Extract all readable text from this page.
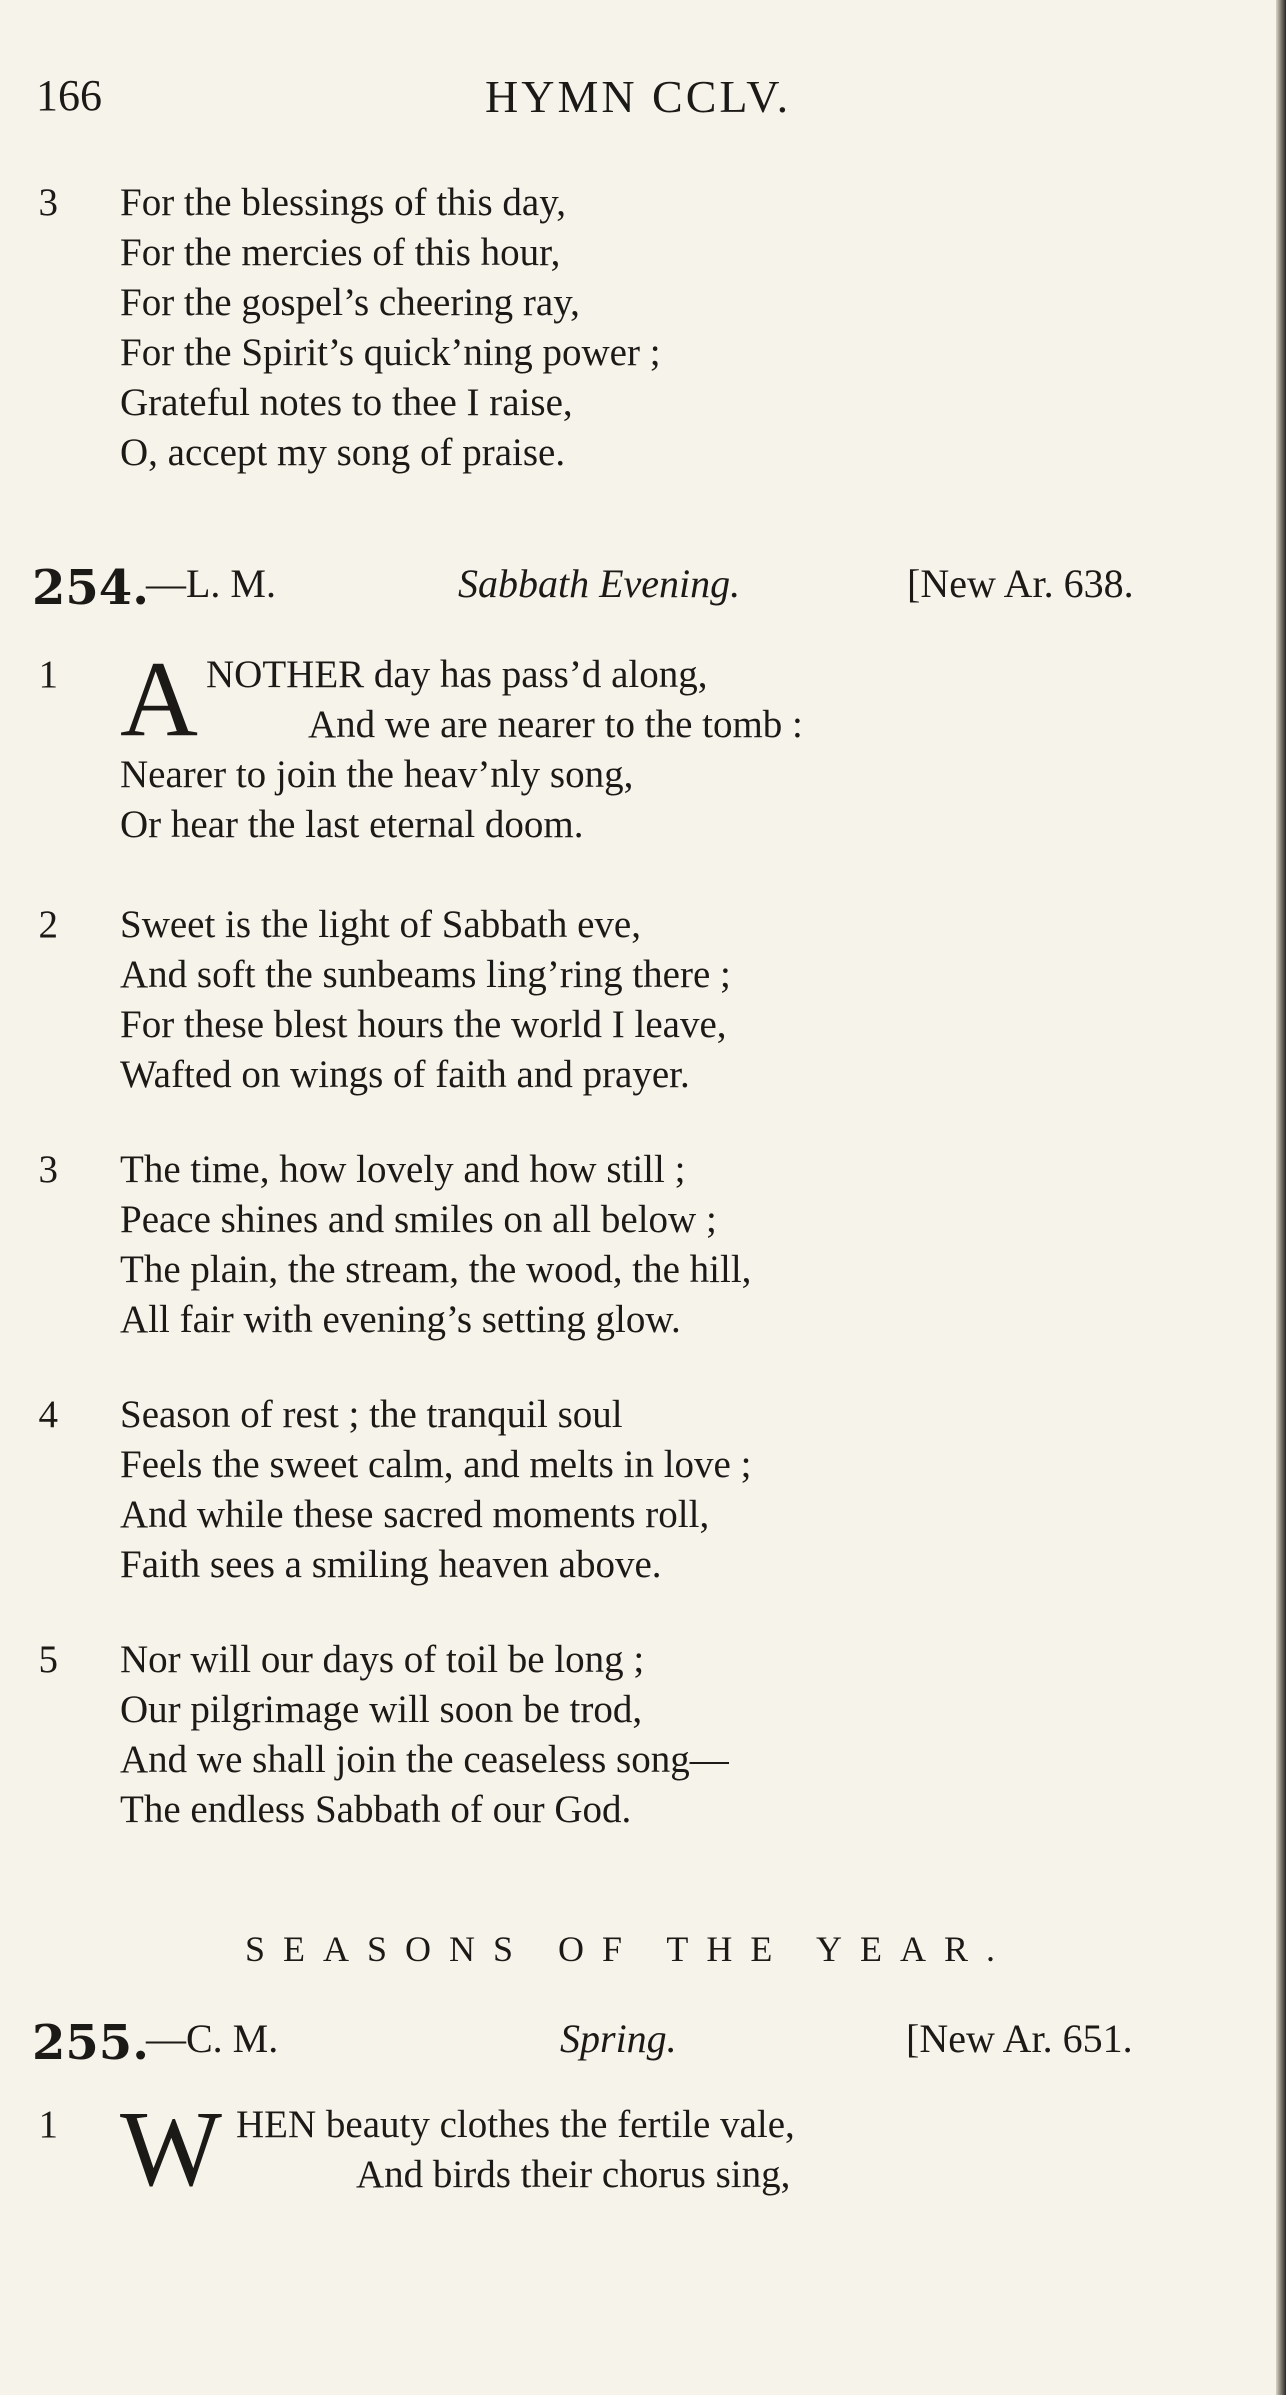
166	HYMN CCLV.
3 For the blessings of this day,
For the mercies of this hour,
For the gospel’s cheering ray,
For the Spirit’s quick’ning power ;
Grateful notes to thee I raise,
O, accept my song of praise.
254.
—L. M.	Sabbath Evening.	[New Ar. 638.
1 A NOTHER day has pass’d along,
And we are nearer to the tomb :
Nearer to join the heav’nly song,
Or hear the last eternal doom.
2 Sweet is the light of Sabbath eve,
And soft the sunbeams ling’ring there ;
For these blest hours the world I leave,
Wafted on wings of faith and prayer.
3 The time, how lovely and how still ;
Peace shines and smiles on all below ;
The plain, the stream, the wood, the hill,
All fair with evening’s setting glow.
4 Season of rest ; the tranquil soul
Feels the sweet calm, and melts in love ;
And while these sacred moments roll,
Faith sees a smiling heaven above.
5 Nor will our days of toil be long ;
Our pilgrimage will soon be trod,
And we shall join the ceaseless song—
The endless Sabbath of our God.
SEASONS OF THE YEAR.
255.
—C. M.	Spring.	[New Ar. 651.
1 W HEN beauty clothes the fertile vale,
And birds their chorus sing,
